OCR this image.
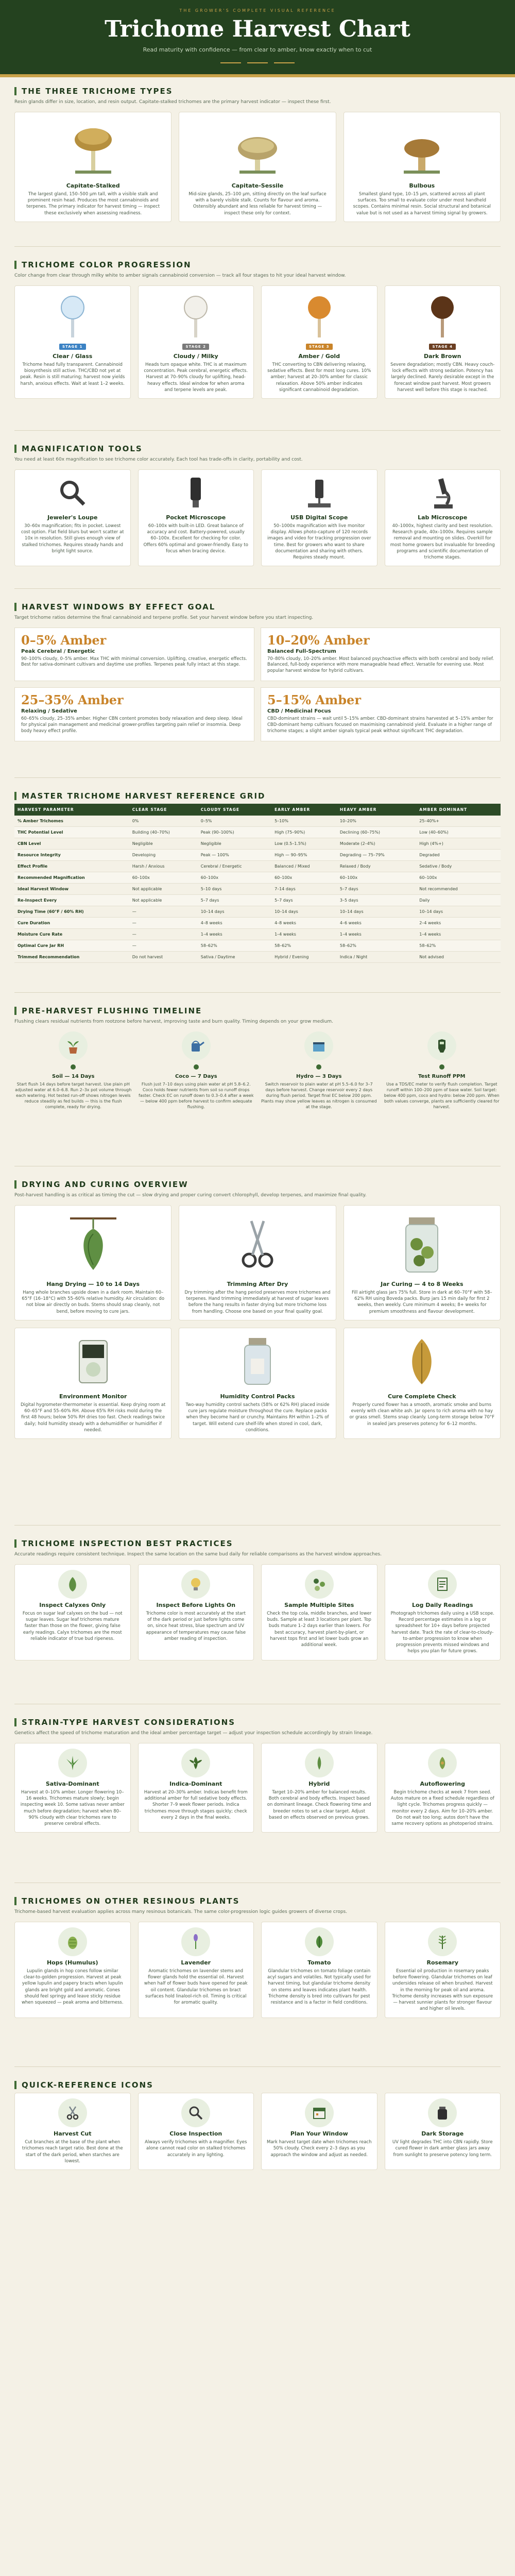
THE GROWER'S COMPLETE VISUAL REFERENCE
Trichome Harvest Chart
Read maturity with confidence — from clear to amber, know exactly when to cut
THE THREE TRICHOME TYPES
Resin glands differ in size, location, and resin output. Capitate-stalked trichomes are the primary harvest indicator — inspect these first.
Capitate-Stalked

The largest gland, 150–500 µm tall, with a visible stalk and prominent resin head. Produces the most cannabinoids and terpenes. The primary indicator for harvest timing — inspect these exclusively when assessing readiness.

Capitate-Sessile

Mid-size glands, 25–100 µm, sitting directly on the leaf surface with a barely visible stalk. Counts for flavour and aroma. Ostensibly abundant and less reliable for harvest timing — inspect these only for context.

Bulbous

Smallest gland type, 10–15 µm, scattered across all plant surfaces. Too small to evaluate color under most handheld scopes. Contains minimal resin. Social structural and botanical value but is not used as a harvest timing signal by growers.

TRICHOME COLOR PROGRESSION
Color change from clear through milky white to amber signals cannabinoid conversion — track all four stages to hit your ideal harvest window.
STAGE 1
Clear / Glass

Trichome head fully transparent. Cannabinoid biosynthesis still active. THC/CBD not yet at peak. Resin is still maturing; harvest now yields harsh, anxious effects. Wait at least 1–2 weeks.

STAGE 2
Cloudy / Milky

Heads turn opaque white. THC is at maximum concentration. Peak cerebral, energetic effects. Harvest at 70–90% cloudy for uplifting, head-heavy effects. Ideal window for when aroma and terpene levels are peak.

STAGE 3
Amber / Gold

THC converting to CBN delivering relaxing, sedative effects. Best for most long cures. 10% amber; harvest at 20–30% amber for classic relaxation. Above 50% amber indicates significant cannabinoid degradation.

STAGE 4
Dark Brown

Severe degradation; mostly CBN. Heavy couch-lock effects with strong sedation. Potency has largely declined. Rarely desirable except in the forecast window past harvest. Most growers harvest well before this stage is reached.

MAGNIFICATION TOOLS
You need at least 60x magnification to see trichome color accurately. Each tool has trade-offs in clarity, portability and cost.
Jeweler's Loupe

30–60x magnification; fits in pocket. Lowest cost option. Flat field blurs but won't scatter at 10x in resolution. Still gives enough view of stalked trichomes. Requires steady hands and bright light source.

Pocket Microscope

60–100x with built-in LED. Great balance of accuracy and cost. Battery-powered, usually 60–100x. Excellent for checking for color. Offers 60% optimal and grower-friendly. Easy to focus when bracing device.

USB Digital Scope

50–1000x magnification with live monitor display. Allows photo-capture of 120 records images and video for tracking progression over time. Best for growers who want to share documentation and sharing with others. Requires steady mount.

Lab Microscope

40–1000x, highest clarity and best resolution. Research grade, 40x–1000x. Requires sample removal and mounting on slides. Overkill for most home growers but invaluable for breeding programs and scientific documentation of trichome stages.

HARVEST WINDOWS BY EFFECT GOAL
Target trichome ratios determine the final cannabinoid and terpene profile. Set your harvest window before you start inspecting.
0–5% Amber
Peak Cerebral / Energetic

90–100% cloudy, 0–5% amber. Max THC with minimal conversion. Uplifting, creative, energetic effects. Best for sativa-dominant cultivars and daytime use profiles. Terpenes peak fully intact at this stage.

10–20% Amber
Balanced Full-Spectrum

70–80% cloudy, 10–20% amber. Most balanced psychoactive effects with both cerebral and body relief. Balanced, full-body experience with more manageable head effect. Versatile for evening use. Most popular harvest window for hybrid cultivars.

25–35% Amber
Relaxing / Sedative

60–65% cloudy, 25–35% amber. Higher CBN content promotes body relaxation and deep sleep. Ideal for physical pain management and medicinal grower-profiles targeting pain relief or insomnia. Deep body heavy effect profile.

5–15% Amber
CBD / Medicinal Focus

CBD-dominant strains — wait until 5–15% amber. CBD-dominant strains harvested at 5–15% amber for CBD-dominant hemp cultivars focused on maximising cannabinoid yield. Evaluate in a higher range of trichome stages; a slight amber signals typical peak without significant THC degradation.

MASTER TRICHOME HARVEST REFERENCE GRID
HARVEST PARAMETER	CLEAR STAGE	CLOUDY STAGE	EARLY AMBER	HEAVY AMBER	AMBER DOMINANT
% Amber Trichomes	0%	0–5%	5–10%	10–20%	25–40%+
THC Potential Level	Building (40–70%)	Peak (90–100%)	High (75–90%)	Declining (60–75%)	Low (40–60%)
CBN Level	Negligible	Negligible	Low (0.5–1.5%)	Moderate (2–4%)	High (4%+)
Resource Integrity	Developing	Peak — 100%	High — 90–95%	Degrading — 75–79%	Degraded
Effect Profile	Harsh / Anxious	Cerebral / Energetic	Balanced / Mixed	Relaxed / Body	Sedative / Body
Recommended Magnification	60–100x	60–100x	60–100x	60–100x	60–100x
Ideal Harvest Window	Not applicable	5–10 days	7–14 days	5–7 days	Not recommended
Re-Inspect Every	Not applicable	5–7 days	5–7 days	3–5 days	Daily
Drying Time (60°F / 60% RH)	—	10–14 days	10–14 days	10–14 days	10–14 days
Cure Duration	—	4–8 weeks	4–8 weeks	4–6 weeks	2–4 weeks
Moisture Cure Rate	—	1–4 weeks	1–4 weeks	1–4 weeks	1–4 weeks
Optimal Cure Jar RH	—	58–62%	58–62%	58–62%	58–62%
Trimmed Recommendation	Do not harvest	Sativa / Daytime	Hybrid / Evening	Indica / Night	Not advised
PRE-HARVEST FLUSHING TIMELINE
Flushing clears residual nutrients from rootzone before harvest, improving taste and burn quality. Timing depends on your grow medium.
Soil — 14 Days

Start flush 14 days before target harvest. Use plain pH adjusted water at 6.0–6.8. Run 2–3x pot volume through each watering. Hot tested run-off shows nitrogen levels reduce steadily as fed builds — this is the flush complete, ready for drying.

Coco — 7 Days

Flush just 7–10 days using plain water at pH 5.8–6.2. Coco holds fewer nutrients from soil so runoff drops faster. Check EC on runoff down to 0.3–0.4 after a week — below 400 ppm before harvest to confirm adequate flushing.

Hydro — 3 Days

Switch reservoir to plain water at pH 5.5–6.0 for 3–7 days before harvest. Change reservoir every 2 days during flush period. Target final EC below 200 ppm. Plants may show yellow leaves as nitrogen is consumed at the stage.

Test Runoff PPM

Use a TDS/EC meter to verify flush completion. Target runoff within 100–200 ppm of base water. Soil target: below 400 ppm, coco and hydro: below 200 ppm. When both values converge, plants are sufficiently cleared for harvest.

DRYING AND CURING OVERVIEW
Post-harvest handling is as critical as timing the cut — slow drying and proper curing convert chlorophyll, develop terpenes, and maximize final quality.
Hang Drying — 10 to 14 Days

Hang whole branches upside down in a dark room. Maintain 60–65°F (16–18°C) with 55–60% relative humidity. Air circulation: do not blow air directly on buds. Stems should snap cleanly, not bend, before moving to cure jars.

Trimming After Dry

Dry trimming after the hang period preserves more trichomes and terpenes. Hand trimming immediately at harvest of sugar leaves before the hang results in faster drying but more trichome loss from handling. Choose one based on your final quality goal.

Jar Curing — 4 to 8 Weeks

Fill airtight glass jars 75% full. Store in dark at 60–70°F with 58–62% RH using Boveda packs. Burp jars 15 min daily for first 2 weeks, then weekly. Cure minimum 4 weeks; 8+ weeks for premium smoothness and flavour development.

Environment Monitor

Digital hygrometer-thermometer is essential. Keep drying room at 60–65°F and 55–60% RH. Above 65% RH risks mold during the first 48 hours; below 50% RH dries too fast. Check readings twice daily; hold humidity steady with a dehumidifier or humidifier if needed.

Humidity Control Packs

Two-way humidity control sachets (58% or 62% RH) placed inside cure jars regulate moisture throughout the cure. Replace packs when they become hard or crunchy. Maintains RH within 1–2% of target. Will extend cure shelf-life when stored in cool, dark, conditions.

Cure Complete Check

Properly cured flower has a smooth, aromatic smoke and burns evenly with clean white ash. Jar opens to rich aroma with no hay or grass smell. Stems snap cleanly. Long-term storage below 70°F in sealed jars preserves potency for 6–12 months.

TRICHOME INSPECTION BEST PRACTICES
Accurate readings require consistent technique. Inspect the same location on the same bud daily for reliable comparisons as the harvest window approaches.
Inspect Calyxes Only

Focus on sugar leaf calyxes on the bud — not sugar leaves. Sugar leaf trichomes mature faster than those on the flower, giving false early readings. Calyx trichomes are the most reliable indicator of true bud ripeness.

Inspect Before Lights On

Trichome color is most accurately at the start of the dark period or just before lights come on, since heat stress, blue spectrum and UV appearance of temperatures may cause false amber reading of inspection.

Sample Multiple Sites

Check the top cola, middle branches, and lower buds. Sample at least 3 locations per plant. Top buds mature 1–2 days earlier than lowers. For best accuracy, harvest plant-by-plant, or harvest tops first and let lower buds grow an additional week.

Log Daily Readings

Photograph trichomes daily using a USB scope. Record percentage estimates in a log or spreadsheet for 10+ days before projected harvest date. Track the rate of clear-to-cloudy-to-amber progression to know when progression prevents missed windows and helps you plan for future grows.

STRAIN-TYPE HARVEST CONSIDERATIONS
Genetics affect the speed of trichome maturation and the ideal amber percentage target — adjust your inspection schedule accordingly by strain lineage.
Sativa-Dominant

Harvest at 0–10% amber. Longer flowering 10–16 weeks. Trichomes mature slowly; begin inspecting week 10. Some sativas never amber much before degradation; harvest when 80–90% cloudy with clear trichomes rare to preserve cerebral effects.

Indica-Dominant

Harvest at 20–30% amber. Indicas benefit from additional amber for full sedative body effects. Shorter 7–9 week flower periods. Indica trichomes move through stages quickly; check every 2 days in the final weeks.

Hybrid

Target 10–20% amber for balanced results. Both cerebral and body effects. Inspect based on dominant lineage. Check flowering time and breeder notes to set a clear target. Adjust based on effects observed on previous grows.

Autoflowering

Begin trichome checks at week 7 from seed. Autos mature on a fixed schedule regardless of light cycle. Trichomes progress quickly — monitor every 2 days. Aim for 10–20% amber. Do not wait too long; autos don't have the same recovery options as photoperiod strains.

TRICHOMES ON OTHER RESINOUS PLANTS
Trichome-based harvest evaluation applies across many resinous botanicals. The same color-progression logic guides growers of diverse crops.
Hops (Humulus)

Lupulin glands in hop cones follow similar clear-to-golden progression. Harvest at peak yellow lupulin and papery bracts when lupulin glands are bright gold and aromatic. Cones should feel springy and leave sticky residue when squeezed — peak aroma and bitterness.

Lavender

Aromatic trichomes on lavender stems and flower glands hold the essential oil. Harvest when half of flower buds have opened for peak oil content. Glandular trichomes on bract surfaces hold linalool-rich oil. Timing is critical for aromatic quality.

Tomato

Glandular trichomes on tomato foliage contain acyl sugars and volatiles. Not typically used for harvest timing, but glandular trichome density on stems and leaves indicates plant health. Trichome density is bred into cultivars for pest resistance and is a factor in field conditions.

Rosemary

Essential oil production in rosemary peaks before flowering. Glandular trichomes on leaf undersides release oil when brushed. Harvest in the morning for peak oil and aroma. Trichome density increases with sun exposure — harvest sunnier plants for stronger flavour and higher oil levels.

QUICK-REFERENCE ICONS
Harvest Cut

Cut branches at the base of the plant when trichomes reach target ratio. Best done at the start of the dark period, when starches are lowest.

Close Inspection

Always verify trichomes with a magnifier. Eyes alone cannot read color on stalked trichomes accurately in any lighting.

Plan Your Window

Mark harvest target date when trichomes reach 50% cloudy. Check every 2–3 days as you approach the window and adjust as needed.

Dark Storage

UV light degrades THC into CBN rapidly. Store cured flower in dark amber glass jars away from sunlight to preserve potency long term.
